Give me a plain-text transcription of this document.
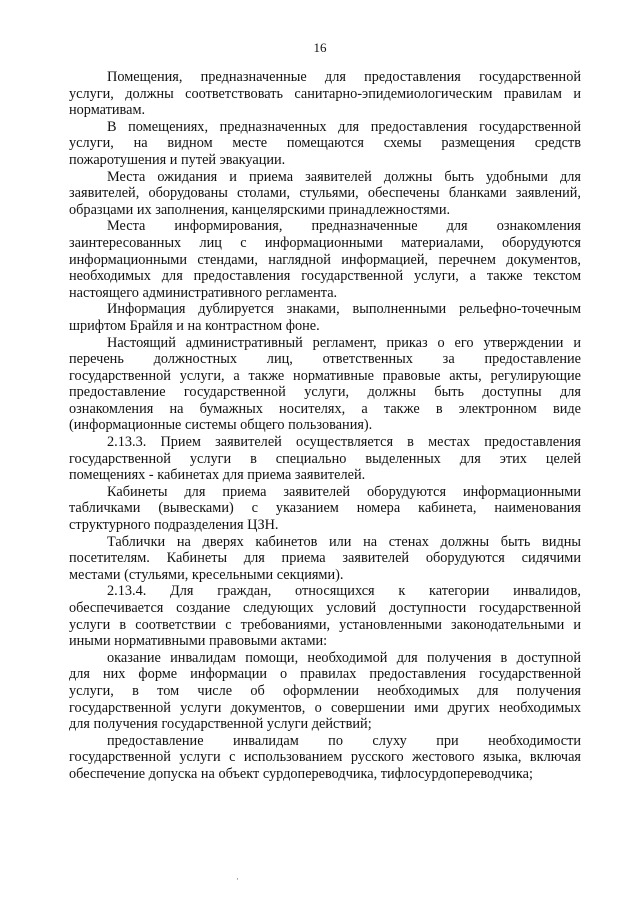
16
Помещения, предназначенные для предоставления государственной
услуги, должны соответствовать санитарно-эпидемиологическим правилам и
нормативам.
В помещениях, предназначенных для предоставления государственной
услуги, на видном месте помещаются схемы размещения средств
пожаротушения и путей эвакуации.
Места ожидания и приема заявителей должны быть удобными для
заявителей, оборудованы столами, стульями, обеспечены бланками заявлений,
образцами их заполнения, канцелярскими принадлежностями.
Места информирования, предназначенные для ознакомления
заинтересованных лиц с информационными материалами, оборудуются
информационными стендами, наглядной информацией, перечнем документов,
необходимых для предоставления государственной услуги, а также текстом
настоящего административного регламента.
Информация дублируется знаками, выполненными рельефно-точечным
шрифтом Брайля и на контрастном фоне.
Настоящий административный регламент, приказ о его утверждении и
перечень должностных лиц, ответственных за предоставление
государственной услуги, а также нормативные правовые акты, регулирующие
предоставление государственной услуги, должны быть доступны для
ознакомления на бумажных носителях, а также в электронном виде
(информационные системы общего пользования).
2.13.3. Прием заявителей осуществляется в местах предоставления
государственной услуги в специально выделенных для этих целей
помещениях - кабинетах для приема заявителей.
Кабинеты для приема заявителей оборудуются информационными
табличками (вывесками) с указанием номера кабинета, наименования
структурного подразделения ЦЗН.
Таблички на дверях кабинетов или на стенах должны быть видны
посетителям. Кабинеты для приема заявителей оборудуются сидячими
местами (стульями, кресельными секциями).
2.13.4. Для граждан, относящихся к категории инвалидов,
обеспечивается создание следующих условий доступности государственной
услуги в соответствии с требованиями, установленными законодательными и
иными нормативными правовыми актами:
оказание инвалидам помощи, необходимой для получения в доступной
для них форме информации о правилах предоставления государственной
услуги, в том числе об оформлении необходимых для получения
государственной услуги документов, о совершении ими других необходимых
для получения государственной услуги действий;
предоставление инвалидам по слуху при необходимости
государственной услуги с использованием русского жестового языка, включая
обеспечение допуска на объект сурдопереводчика, тифлосурдопереводчика;
·
